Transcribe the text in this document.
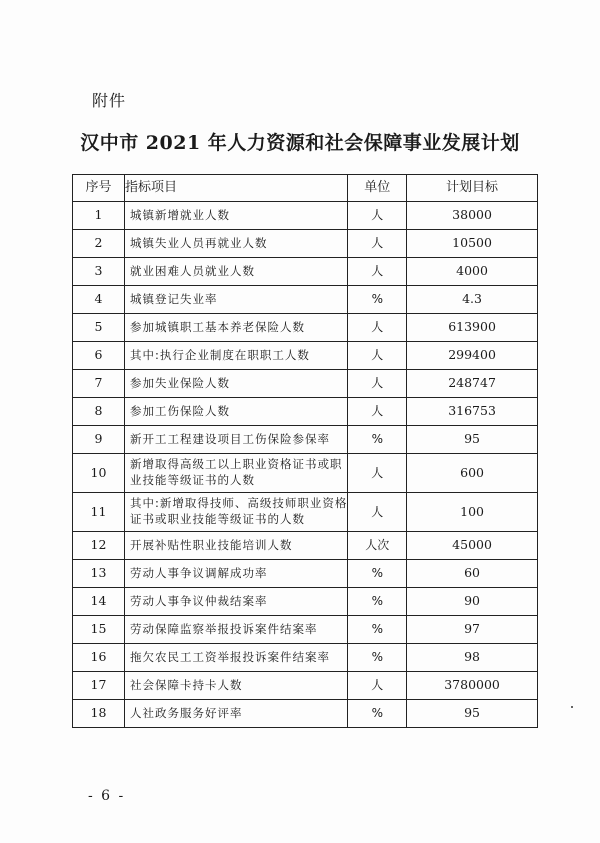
附件
汉中市 2021 年人力资源和社会保障事业发展计划
序号	指标项目	单位	计划目标
1	城镇新增就业人数	人	38000
2	城镇失业人员再就业人数	人	10500
3	就业困难人员就业人数	人	4000
4	城镇登记失业率	%	4.3
5	参加城镇职工基本养老保险人数	人	613900
6	其中:执行企业制度在职职工人数	人	299400
7	参加失业保险人数	人	248747
8	参加工伤保险人数	人	316753
9	新开工工程建设项目工伤保险参保率	%	95
10	新增取得高级工以上职业资格证书或职业技能等级证书的人数	人	600
11	其中:新增取得技师、高级技师职业资格证书或职业技能等级证书的人数	人	100
12	开展补贴性职业技能培训人数	人次	45000
13	劳动人事争议调解成功率	%	60
14	劳动人事争议仲裁结案率	%	90
15	劳动保障监察举报投诉案件结案率	%	97
16	拖欠农民工工资举报投诉案件结案率	%	98
17	社会保障卡持卡人数	人	3780000
18	人社政务服务好评率	%	95
- 6 -
